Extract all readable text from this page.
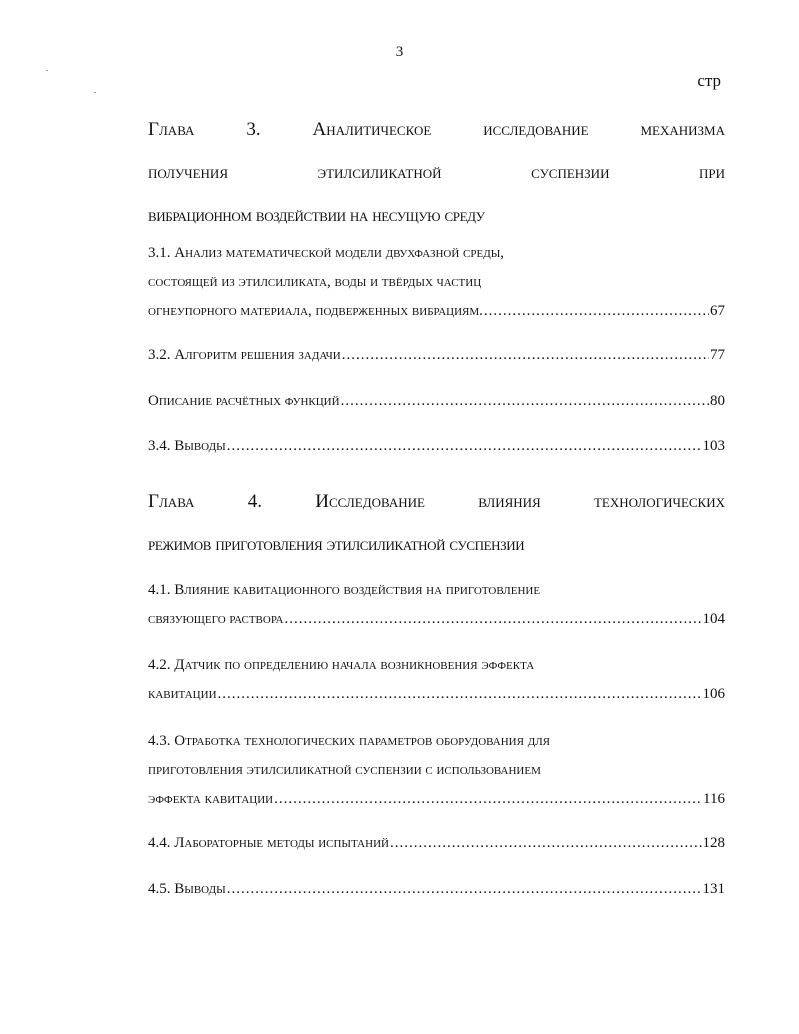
3
стр

Глава 3. Аналитическое исследование механизма
получения этилсиликатной суспензии при
вибрационном воздействии на несущую среду

3.1. Анализ математической модели двухфазной среды,
состоящей из этилсиликата, воды и твёрдых частиц
огнеупорного материала, подверженных вибрациям. .....	67

3.2. Алгоритм решения задачи .....	77

Описание расчётных функций .....	80

3.4. Выводы .....	103

Глава 4. Исследование влияния технологических
режимов приготовления этилсиликатной суспензии

4.1. Влияние кавитационного воздействия на приготовление
связующего раствора .....	104

4.2. Датчик по определению начала возникновения эффекта
кавитации .....	106

4.3. Отработка технологических параметров оборудования для
приготовления этилсиликатной суспензии с использованием
эффекта кавитации .....	116

4.4. Лабораторные методы испытаний .....	128

4.5. Выводы .....	131
